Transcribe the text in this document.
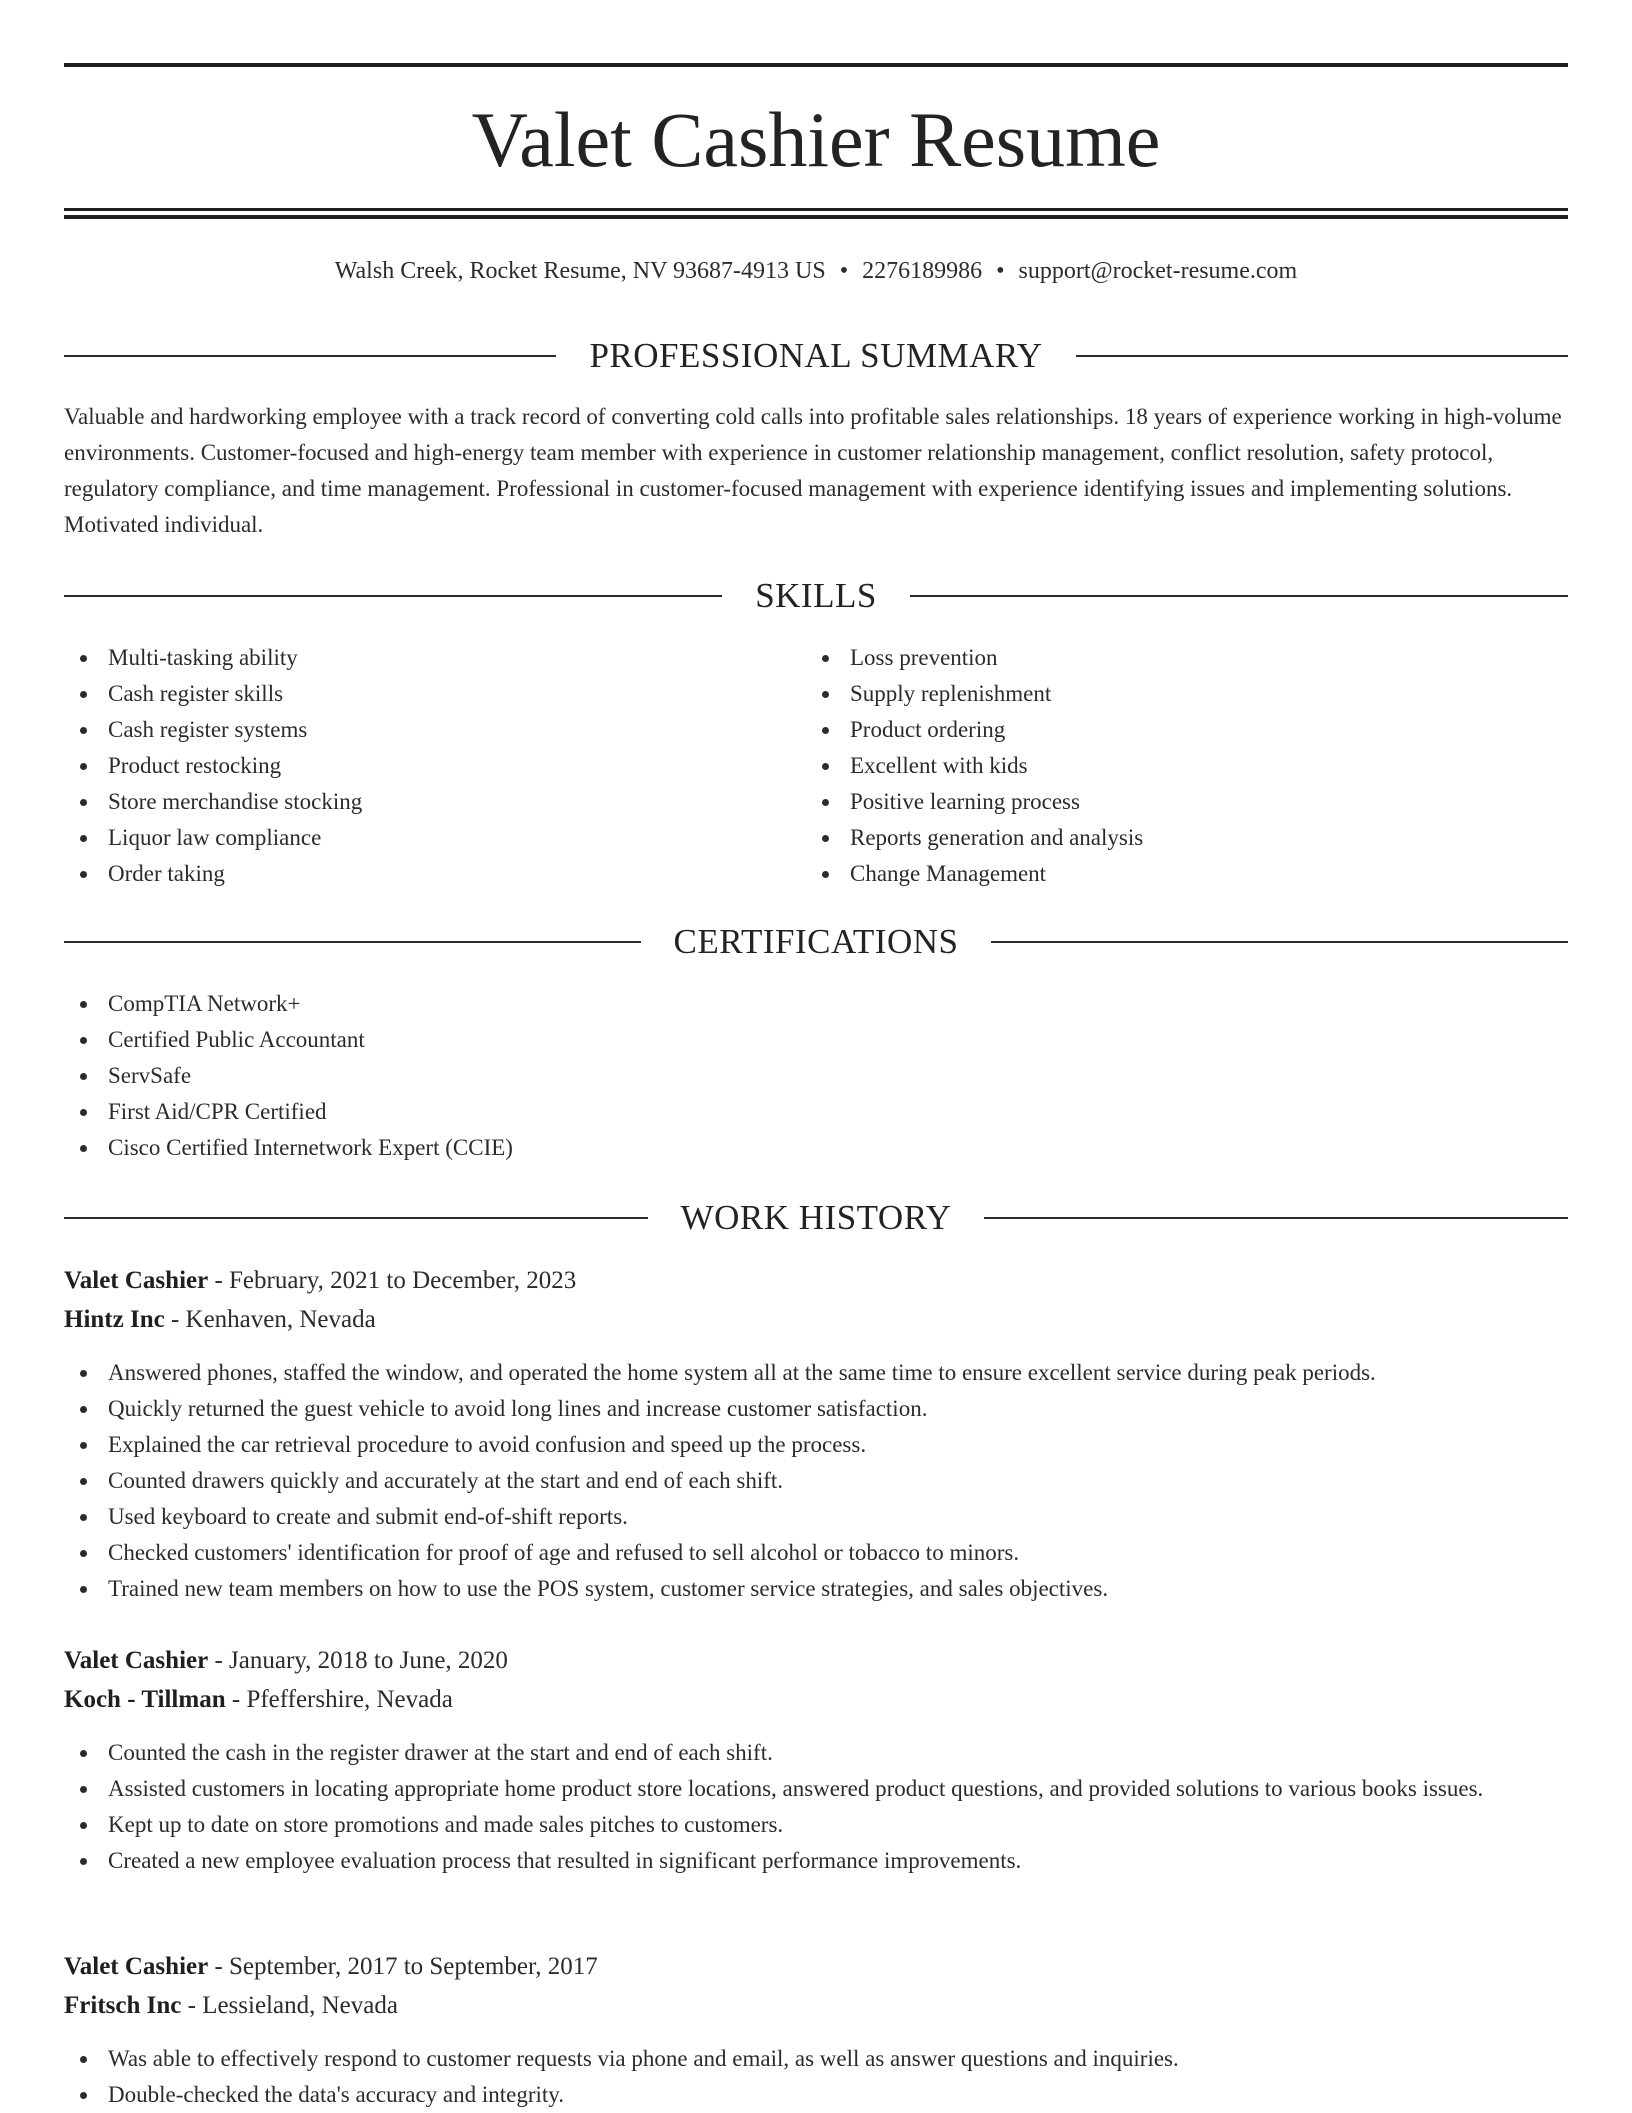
Valet Cashier Resume
Walsh Creek, Rocket Resume, NV 93687-4913 US • 2276189986 • support@rocket-resume.com
PROFESSIONAL SUMMARY

Valuable and hardworking employee with a track record of converting cold calls into profitable sales relationships. 18 years of experience working in high-volume environments. Customer-focused and high-energy team member with experience in customer relationship management, conflict resolution, safety protocol, regulatory compliance, and time management. Professional in customer-focused management with experience identifying issues and implementing solutions. Motivated individual.

SKILLS
Multi-tasking ability
Cash register skills
Cash register systems
Product restocking
Store merchandise stocking
Liquor law compliance
Order taking
Loss prevention
Supply replenishment
Product ordering
Excellent with kids
Positive learning process
Reports generation and analysis
Change Management
CERTIFICATIONS
CompTIA Network+
Certified Public Accountant
ServSafe
First Aid/CPR Certified
Cisco Certified Internetwork Expert (CCIE)
WORK HISTORY
Valet Cashier - February, 2021 to December, 2023
Hintz Inc - Kenhaven, Nevada
Answered phones, staffed the window, and operated the home system all at the same time to ensure excellent service during peak periods.
Quickly returned the guest vehicle to avoid long lines and increase customer satisfaction.
Explained the car retrieval procedure to avoid confusion and speed up the process.
Counted drawers quickly and accurately at the start and end of each shift.
Used keyboard to create and submit end-of-shift reports.
Checked customers' identification for proof of age and refused to sell alcohol or tobacco to minors.
Trained new team members on how to use the POS system, customer service strategies, and sales objectives.
Valet Cashier - January, 2018 to June, 2020
Koch - Tillman - Pfeffershire, Nevada
Counted the cash in the register drawer at the start and end of each shift.
Assisted customers in locating appropriate home product store locations, answered product questions, and provided solutions to various books issues.
Kept up to date on store promotions and made sales pitches to customers.
Created a new employee evaluation process that resulted in significant performance improvements.
Valet Cashier - September, 2017 to September, 2017
Fritsch Inc - Lessieland, Nevada
Was able to effectively respond to customer requests via phone and email, as well as answer questions and inquiries.
Double-checked the data's accuracy and integrity.
